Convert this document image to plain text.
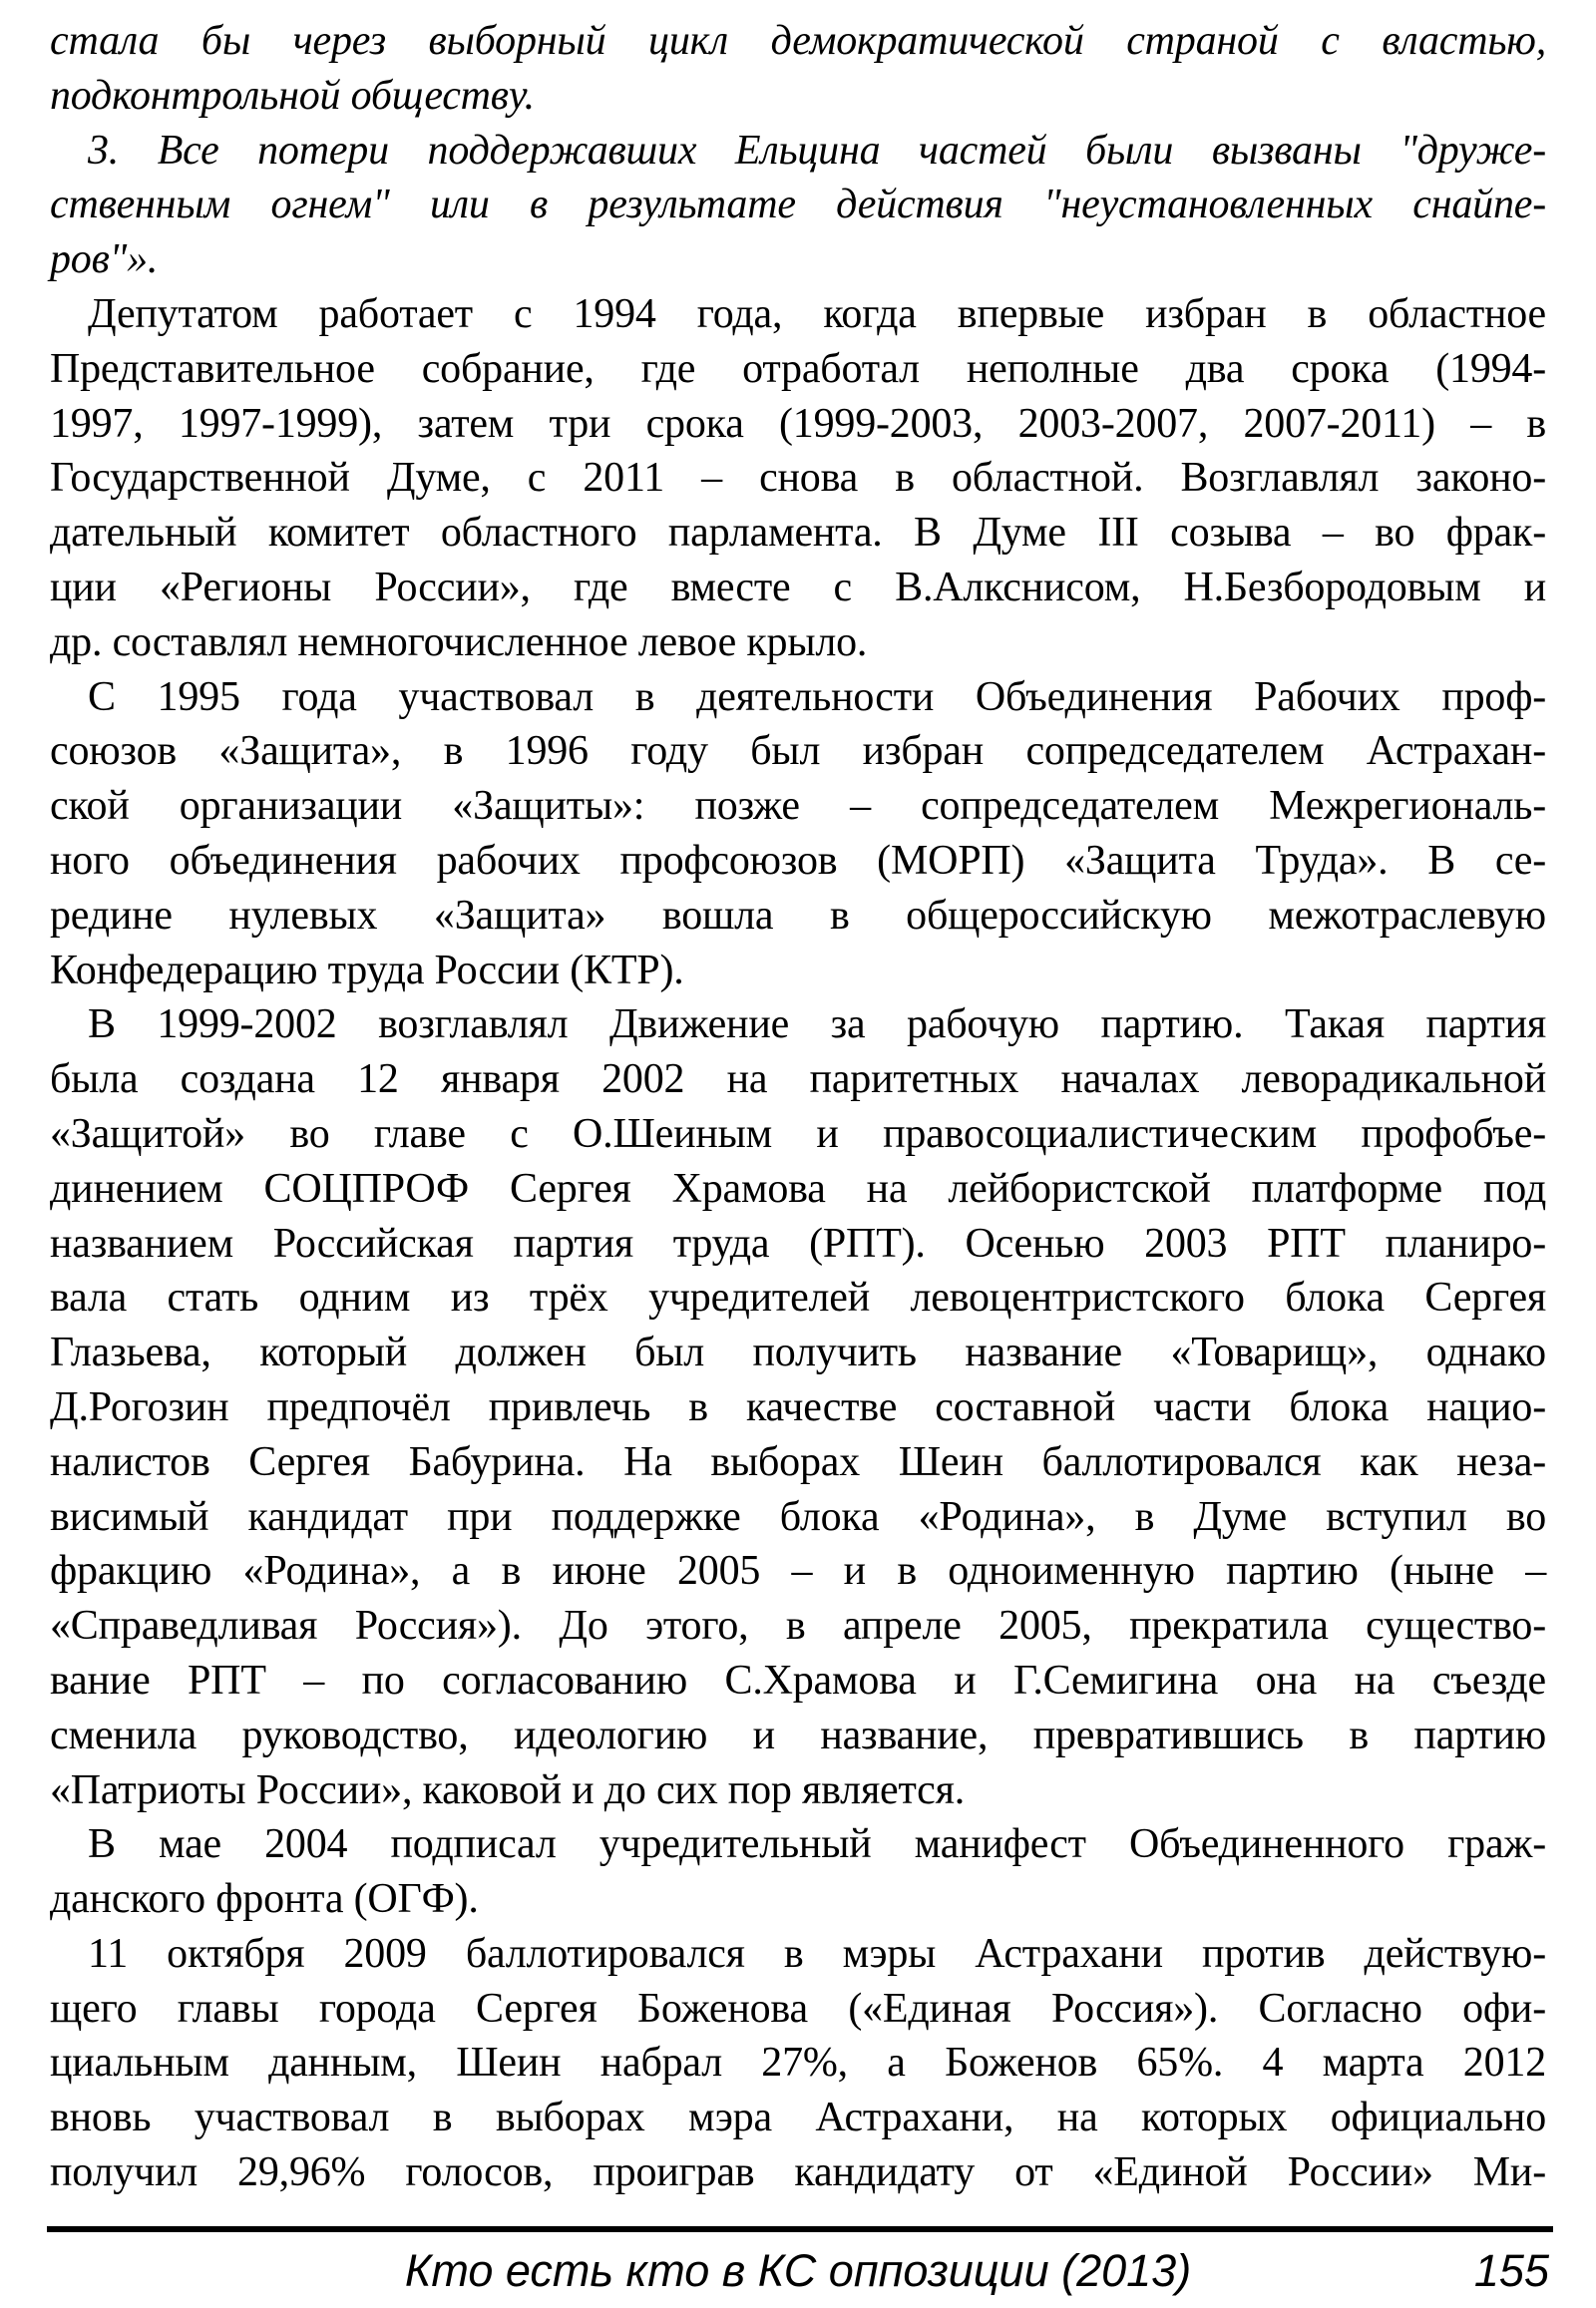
стала бы через выборный цикл демократической страной с властью,
подконтрольной обществу.

3. Все потери поддержавших Ельцина частей были вызваны "друже-
ственным огнем" или в результате действия "неустановленных снайпе-
ров"».

Депутатом работает с 1994 года, когда впервые избран в областное
Представительное собрание, где отработал неполные два срока (1994-
1997, 1997-1999), затем три срока (1999-2003, 2003-2007, 2007-2011) – в
Государственной Думе, с 2011 – снова в областной. Возглавлял законо-
дательный комитет областного парламента. В Думе III созыва – во фрак-
ции «Регионы России», где вместе с В.Алкснисом, Н.Безбородовым и
др. составлял немногочисленное левое крыло.

С 1995 года участвовал в деятельности Объединения Рабочих проф-
союзов «Защита», в 1996 году был избран сопредседателем Астрахан-
ской организации «Защиты»: позже – сопредседателем Межрегиональ-
ного объединения рабочих профсоюзов (МОРП) «Защита Труда». В се-
редине нулевых «Защита» вошла в общероссийскую межотраслевую
Конфедерацию труда России (КТР).

В 1999-2002 возглавлял Движение за рабочую партию. Такая партия
была создана 12 января 2002 на паритетных началах леворадикальной
«Защитой» во главе с О.Шеиным и правосоциалистическим профобъе-
динением СОЦПРОФ Сергея Храмова на лейбористской платформе под
названием Российская партия труда (РПТ). Осенью 2003 РПТ планиро-
вала стать одним из трёх учредителей левоцентристского блока Сергея
Глазьева, который должен был получить название «Товарищ», однако
Д.Рогозин предпочёл привлечь в качестве составной части блока нацио-
налистов Сергея Бабурина. На выборах Шеин баллотировался как неза-
висимый кандидат при поддержке блока «Родина», в Думе вступил во
фракцию «Родина», а в июне 2005 – и в одноименную партию (ныне –
«Справедливая Россия»). До этого, в апреле 2005, прекратила существо-
вание РПТ – по согласованию С.Храмова и Г.Семигина она на съезде
сменила руководство, идеологию и название, превратившись в партию
«Патриоты России», каковой и до сих пор является.

В мае 2004 подписал учредительный манифест Объединенного граж-
данского фронта (ОГФ).

11 октября 2009 баллотировался в мэры Астрахани против действую-
щего главы города Сергея Боженова («Единая Россия»). Согласно офи-
циальным данным, Шеин набрал 27%, а Боженов 65%. 4 марта 2012
вновь участвовал в выборах мэра Астрахани, на которых официально
получил 29,96% голосов, проиграв кандидату от «Единой России» Ми-

Кто есть кто в КС оппозиции (2013)	155
